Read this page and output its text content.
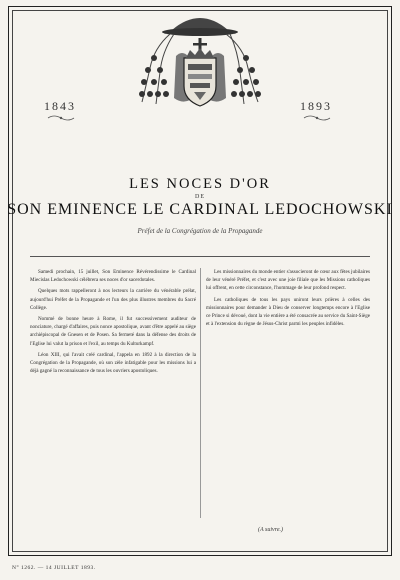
1843	1893
LES NOCES D'OR
DE
SON EMINENCE LE CARDINAL LEDOCHOWSKI
Préfet de la Congrégation de la Propagande

Samedi prochain, 15 juillet, Son Eminence Révérendissime le Cardinal Miecislas Ledochowski célébrera ses noces d'or sacerdotales.

Quelques mots rappelleront à nos lecteurs la carrière du vénérable prélat, aujourd'hui Préfet de la Propagande et l'un des plus illustres membres du Sacré Collège.

Nommé de bonne heure à Rome, il fut successivement auditeur de nonciature, chargé d'affaires, puis nonce apostolique, avant d'être appelé au siège archiépiscopal de Gnesen et de Posen. Sa fermeté dans la défense des droits de l'Eglise lui valut la prison et l'exil, au temps du Kulturkampf.

Léon XIII, qui l'avait créé cardinal, l'appela en 1892 à la direction de la Congrégation de la Propagande, où son zèle infatigable pour les missions lui a déjà gagné la reconnaissance de tous les ouvriers apostoliques.

Les missionnaires du monde entier s'associeront de cœur aux fêtes jubilaires de leur vénéré Préfet, et c'est avec une joie filiale que les Missions catholiques lui offrent, en cette circonstance, l'hommage de leur profond respect.

Les catholiques de tous les pays uniront leurs prières à celles des missionnaires pour demander à Dieu de conserver longtemps encore à l'Eglise ce Prince si dévoué, dont la vie entière a été consacrée au service du Saint-Siège et à l'extension du règne de Jésus-Christ parmi les peuples infidèles.

(A suivre.)
N° 1262. — 14 JUILLET 1893.
